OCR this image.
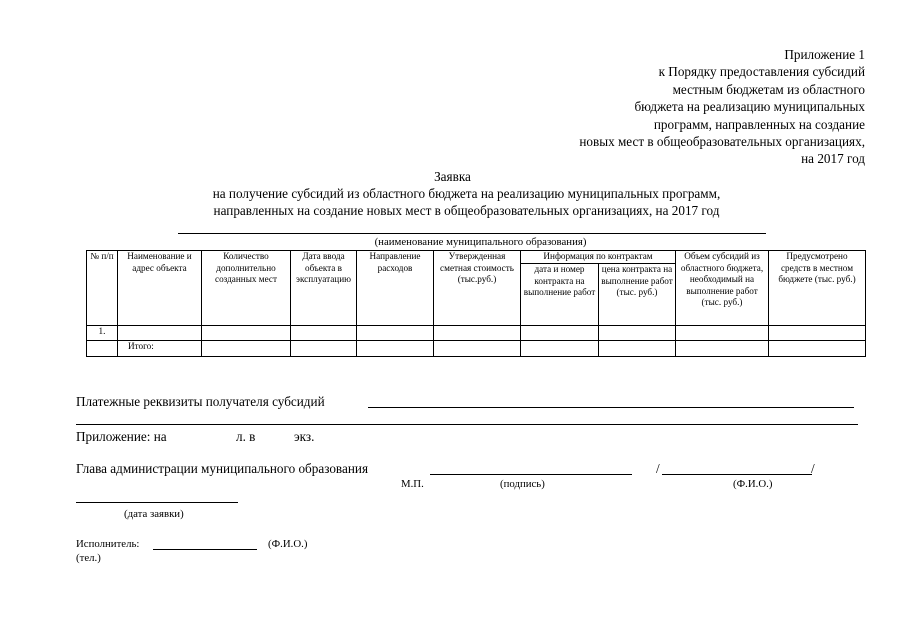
Приложение 1
к Порядку предоставления субсидий
местным бюджетам из областного
бюджета на реализацию муниципальных
программ, направленных на создание
новых мест в общеобразовательных организациях,
на 2017 год
Заявка
на получение субсидий из областного бюджета на реализацию муниципальных программ,
направленных на создание новых мест в общеобразовательных организациях, на 2017 год
(наименование муниципального образования)
№ п/п	Наименование и адрес объекта	Количество дополнительно созданных мест	Дата ввода объекта в эксплуатацию	Направление расходов	Утвержденная сметная стоимость (тыс.руб.)	Информация по контрактам		Объем субсидий из областного бюджета, необходимый на выполнение работ (тыс. руб.)	Предусмотрено средств в местном бюджете (тыс. руб.)
						дата и номер контракта на выполнение работ	цена контракта на выполнение работ (тыс. руб.)		
1.									
	Итого:								
Платежные реквизиты получателя субсидий
Приложение: на	л. в	экз.
Глава администрации муниципального образования	/	/
М.П.	(подпись)	(Ф.И.О.)
(дата заявки)
Исполнитель:	(Ф.И.О.)
(тел.)
